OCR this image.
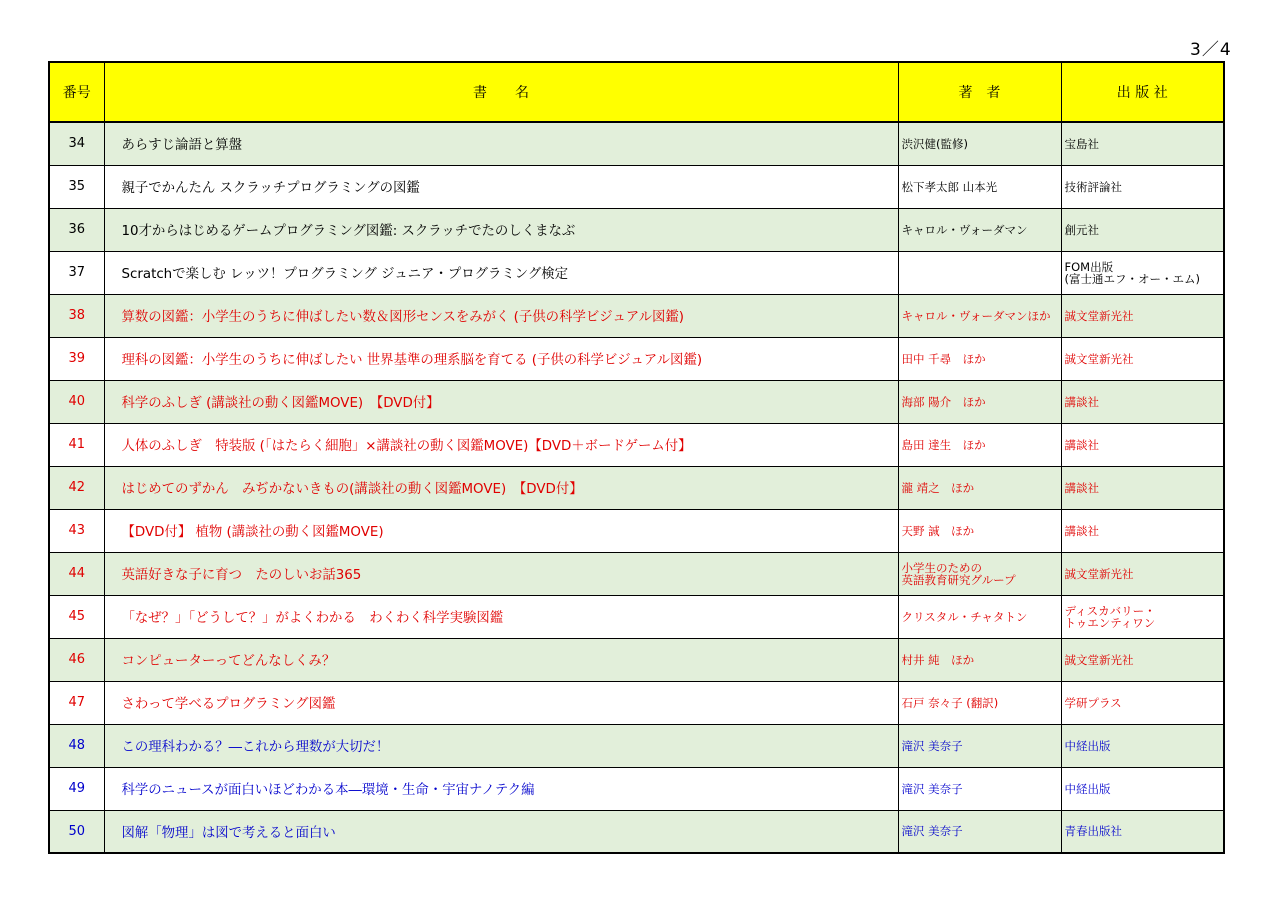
3／4
番号	書　　名	著　者	出 版 社
34	あらすじ論語と算盤	渋沢健(監修)	宝島社

35	親子でかんたん スクラッチプログラミングの図鑑	松下孝太郎 山本光	技術評論社

36	10才からはじめるゲームプログラミング図鑑: スクラッチでたのしくまなぶ	キャロル・ヴォーダマン	創元社

37	Scratchで楽しむ レッツ！プログラミング ジュニア・プログラミング検定		FOM出版
(富士通エフ・オー・エム)

38	算数の図鑑：小学生のうちに伸ばしたい数＆図形センスをみがく (子供の科学ビジュアル図鑑)	キャロル・ヴォーダマンほか	誠文堂新光社

39	理科の図鑑：小学生のうちに伸ばしたい 世界基準の理系脳を育てる (子供の科学ビジュアル図鑑)	田中 千尋　ほか	誠文堂新光社

40	科学のふしぎ (講談社の動く図鑑MOVE)　【DVD付】	海部 陽介　ほか	講談社

41	人体のふしぎ　特装版 (「はたらく細胞」×講談社の動く図鑑MOVE)【DVD＋ボードゲーム付】	島田 達生　ほか	講談社

42	はじめてのずかん　みぢかないきもの(講談社の動く図鑑MOVE)　【DVD付】	瀧 靖之　ほか	講談社

43	【DVD付】 植物 (講談社の動く図鑑MOVE)	天野 誠　ほか	講談社

44	英語好きな子に育つ　たのしいお話365	小学生のための
英語教育研究グループ	誠文堂新光社

45	「なぜ？」「どうして？」がよくわかる　わくわく科学実験図鑑	クリスタル・チャタトン	ディスカバリー・
トゥエンティワン

46	コンピューターってどんなしくみ？	村井 純　ほか	誠文堂新光社

47	さわって学べるプログラミング図鑑	石戸 奈々子 (翻訳)	学研プラス

48	この理科わかる？―これから理数が大切だ！	滝沢 美奈子	中経出版

49	科学のニュースが面白いほどわかる本―環境・生命・宇宙ナノテク編	滝沢 美奈子	中経出版

50	図解「物理」は図で考えると面白い	滝沢 美奈子	青春出版社
